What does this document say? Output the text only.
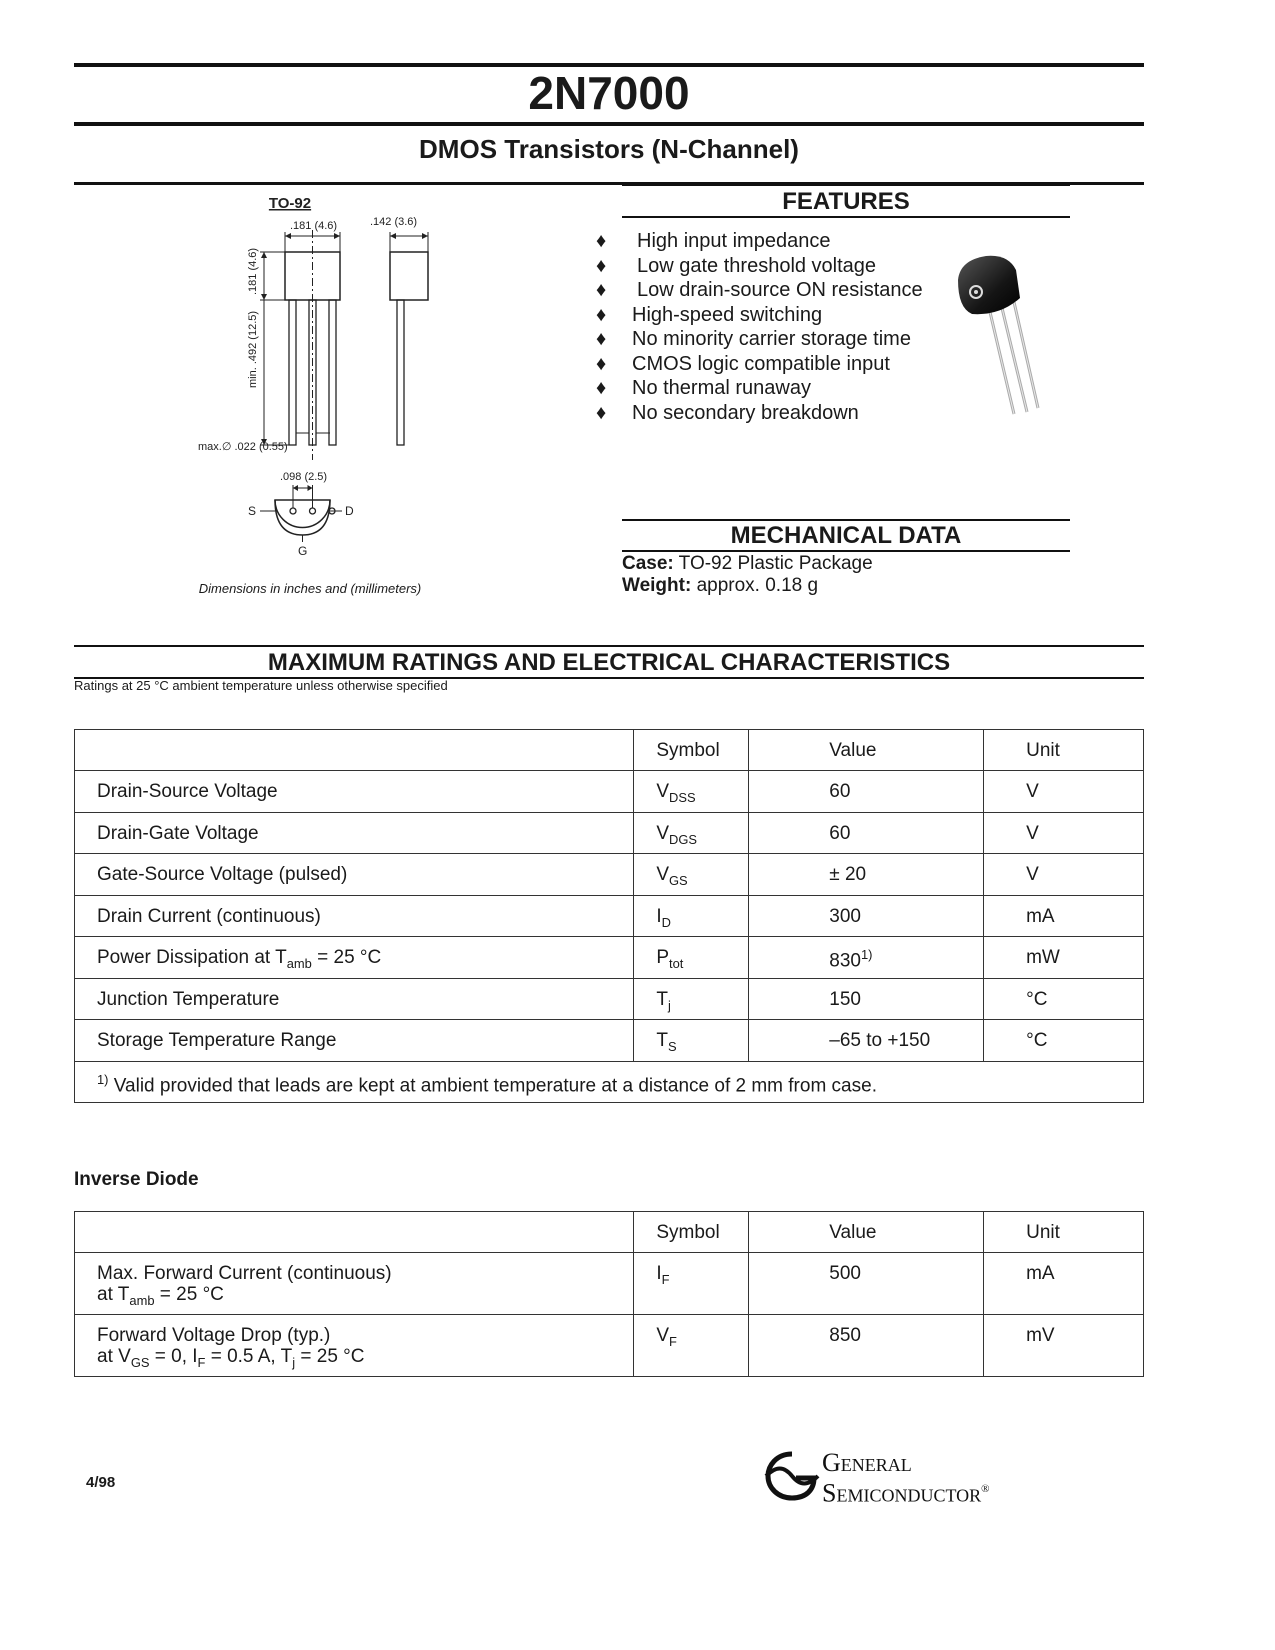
2N7000
DMOS Transistors (N-Channel)
TO-92
.181 (4.6)	.142 (3.6)
.181 (4.6)
min. .492 (12.5)
max.∅ .022 (0.55)
.098 (2.5)
S	D
G
Dimensions in inches and (millimeters)
FEATURES
♦ High input impedance
♦ Low gate threshold voltage
♦ Low drain-source ON resistance
♦ High-speed switching
♦ No minority carrier storage time
♦ CMOS logic compatible input
♦ No thermal runaway
♦ No secondary breakdown
MECHANICAL DATA
Case: TO-92 Plastic Package
Weight: approx. 0.18 g
MAXIMUM RATINGS AND ELECTRICAL CHARACTERISTICS
Ratings at 25 °C ambient temperature unless otherwise specified
	Symbol	Value	Unit
Drain-Source Voltage	$V_{DSS}$	60	V
Drain-Gate Voltage	$V_{DGS}$	60	V
Gate-Source Voltage (pulsed)	$V_{GS}$	± 20	V
Drain Current (continuous)	$I_D$	300	mA
Power Dissipation at $T_{amb} = 25$ °C	$P_{tot}$	830$^{1)}$	mW
Junction Temperature	$T_j$	150	°C
Storage Temperature Range	$T_S$	–65 to +150	°C
$^{1)}$ Valid provided that leads are kept at ambient temperature at a distance of 2 mm from case.			
Inverse Diode
	Symbol	Value	Unit

Max. Forward Current (continuous)
at $T_{amb} = 25$ °C	$I_F$	500	mA

Forward Voltage Drop (typ.)
at $V_{GS} = 0$, $I_F = 0.5$ A, $T_j = 25$ °C	$V_F$	850	mV
4/98
General
Semiconductor®
